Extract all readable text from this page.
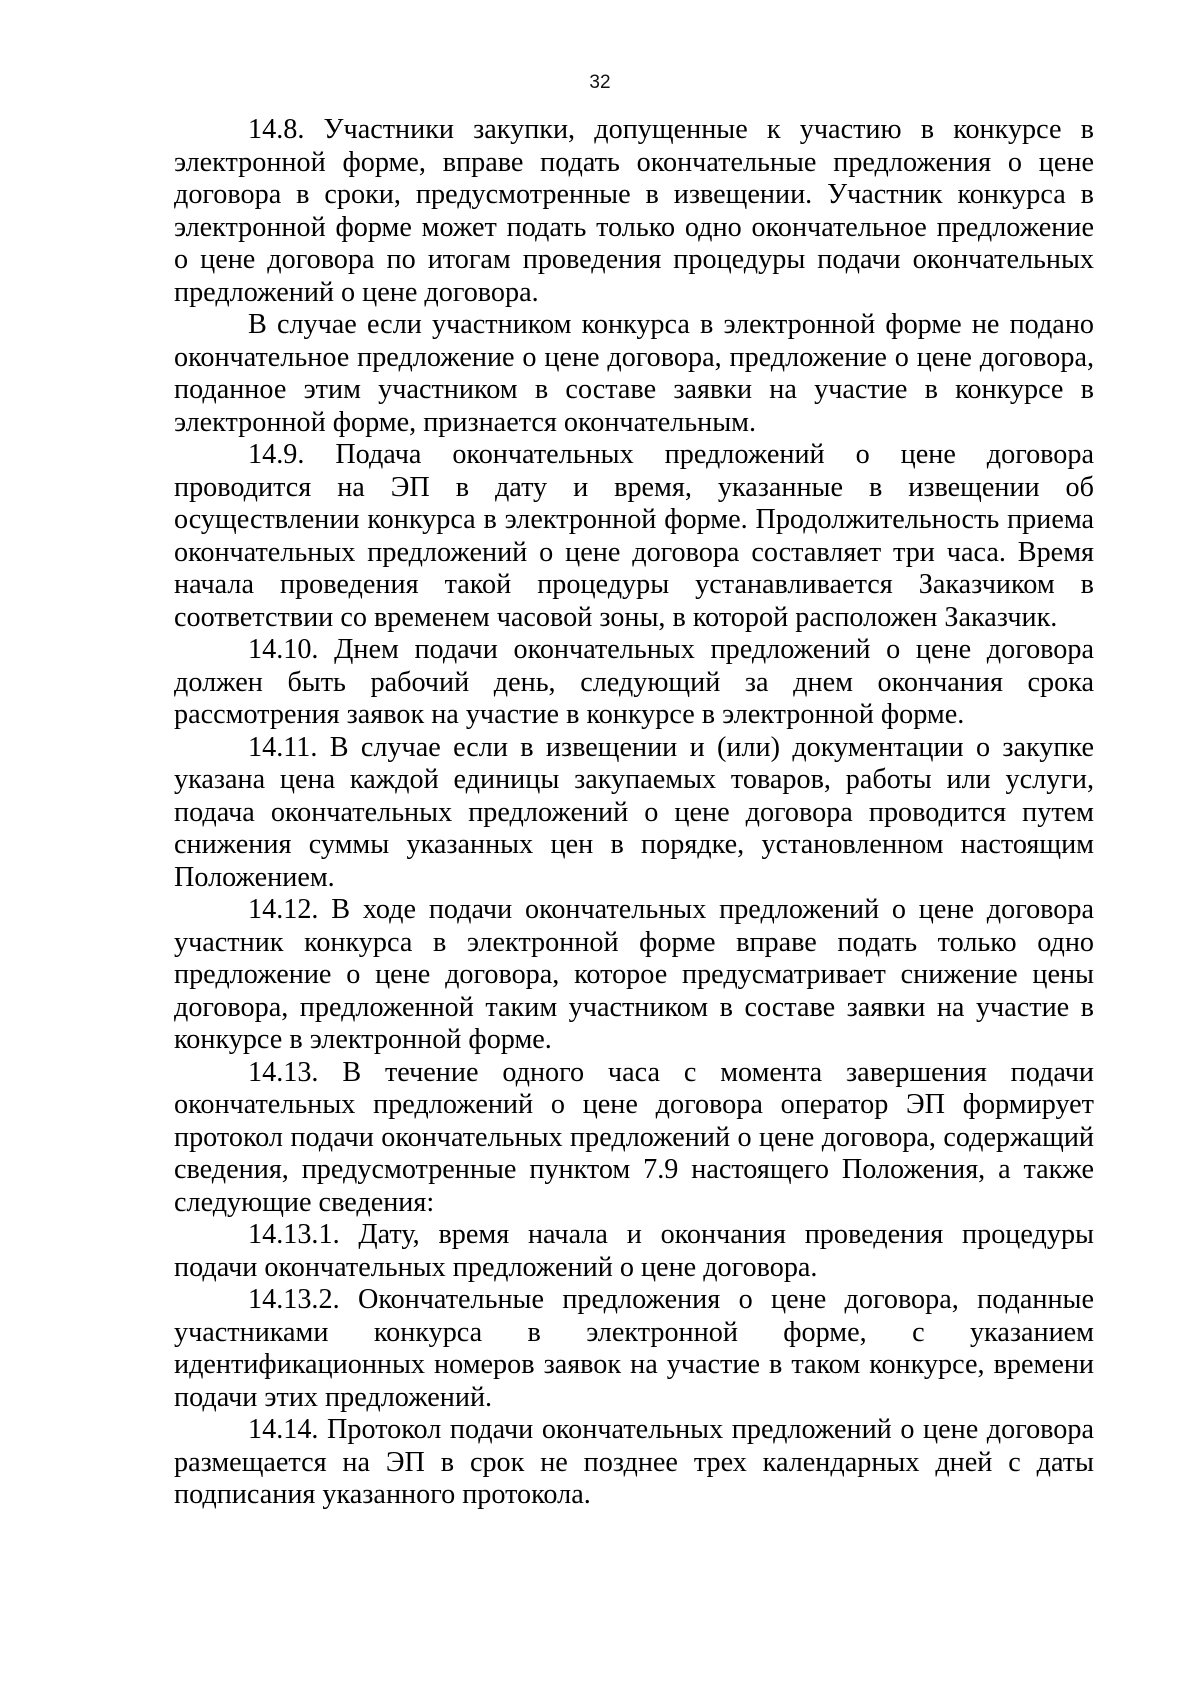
32

14.8. Участники закупки, допущенные к участию в конкурсе в электронной форме, вправе подать окончательные предложения о цене договора в сроки, предусмотренные в извещении. Участник конкурса в электронной форме может подать только одно окончательное предложение о цене договора по итогам проведения процедуры подачи окончательных предложений о цене договора.

В случае если участником конкурса в электронной форме не подано окончательное предложение о цене договора, предложение о цене договора, поданное этим участником в составе заявки на участие в конкурсе в электронной форме, признается окончательным.

14.9. Подача окончательных предложений о цене договора проводится на ЭП в дату и время, указанные в извещении об осуществлении конкурса в электронной форме. Продолжительность приема окончательных предложений о цене договора составляет три часа. Время начала проведения такой процедуры устанавливается Заказчиком в соответствии со временем часовой зоны, в которой расположен Заказчик.

14.10. Днем подачи окончательных предложений о цене договора должен быть рабочий день, следующий за днем окончания срока рассмотрения заявок на участие в конкурсе в электронной форме.

14.11. В случае если в извещении и (или) документации о закупке указана цена каждой единицы закупаемых товаров, работы или услуги, подача окончательных предложений о цене договора проводится путем снижения суммы указанных цен в порядке, установленном настоящим Положением.

14.12. В ходе подачи окончательных предложений о цене договора участник конкурса в электронной форме вправе подать только одно предложение о цене договора, которое предусматривает снижение цены договора, предложенной таким участником в составе заявки на участие в конкурсе в электронной форме.

14.13. В течение одного часа с момента завершения подачи окончательных предложений о цене договора оператор ЭП формирует протокол подачи окончательных предложений о цене договора, содержащий сведения, предусмотренные пунктом 7.9 настоящего Положения, а также следующие сведения:

14.13.1. Дату, время начала и окончания проведения процедуры подачи окончательных предложений о цене договора.

14.13.2. Окончательные предложения о цене договора, поданные участниками конкурса в электронной форме, с указанием идентификационных номеров заявок на участие в таком конкурсе, времени подачи этих предложений.

14.14. Протокол подачи окончательных предложений о цене договора размещается на ЭП в срок не позднее трех календарных дней с даты подписания указанного протокола.
